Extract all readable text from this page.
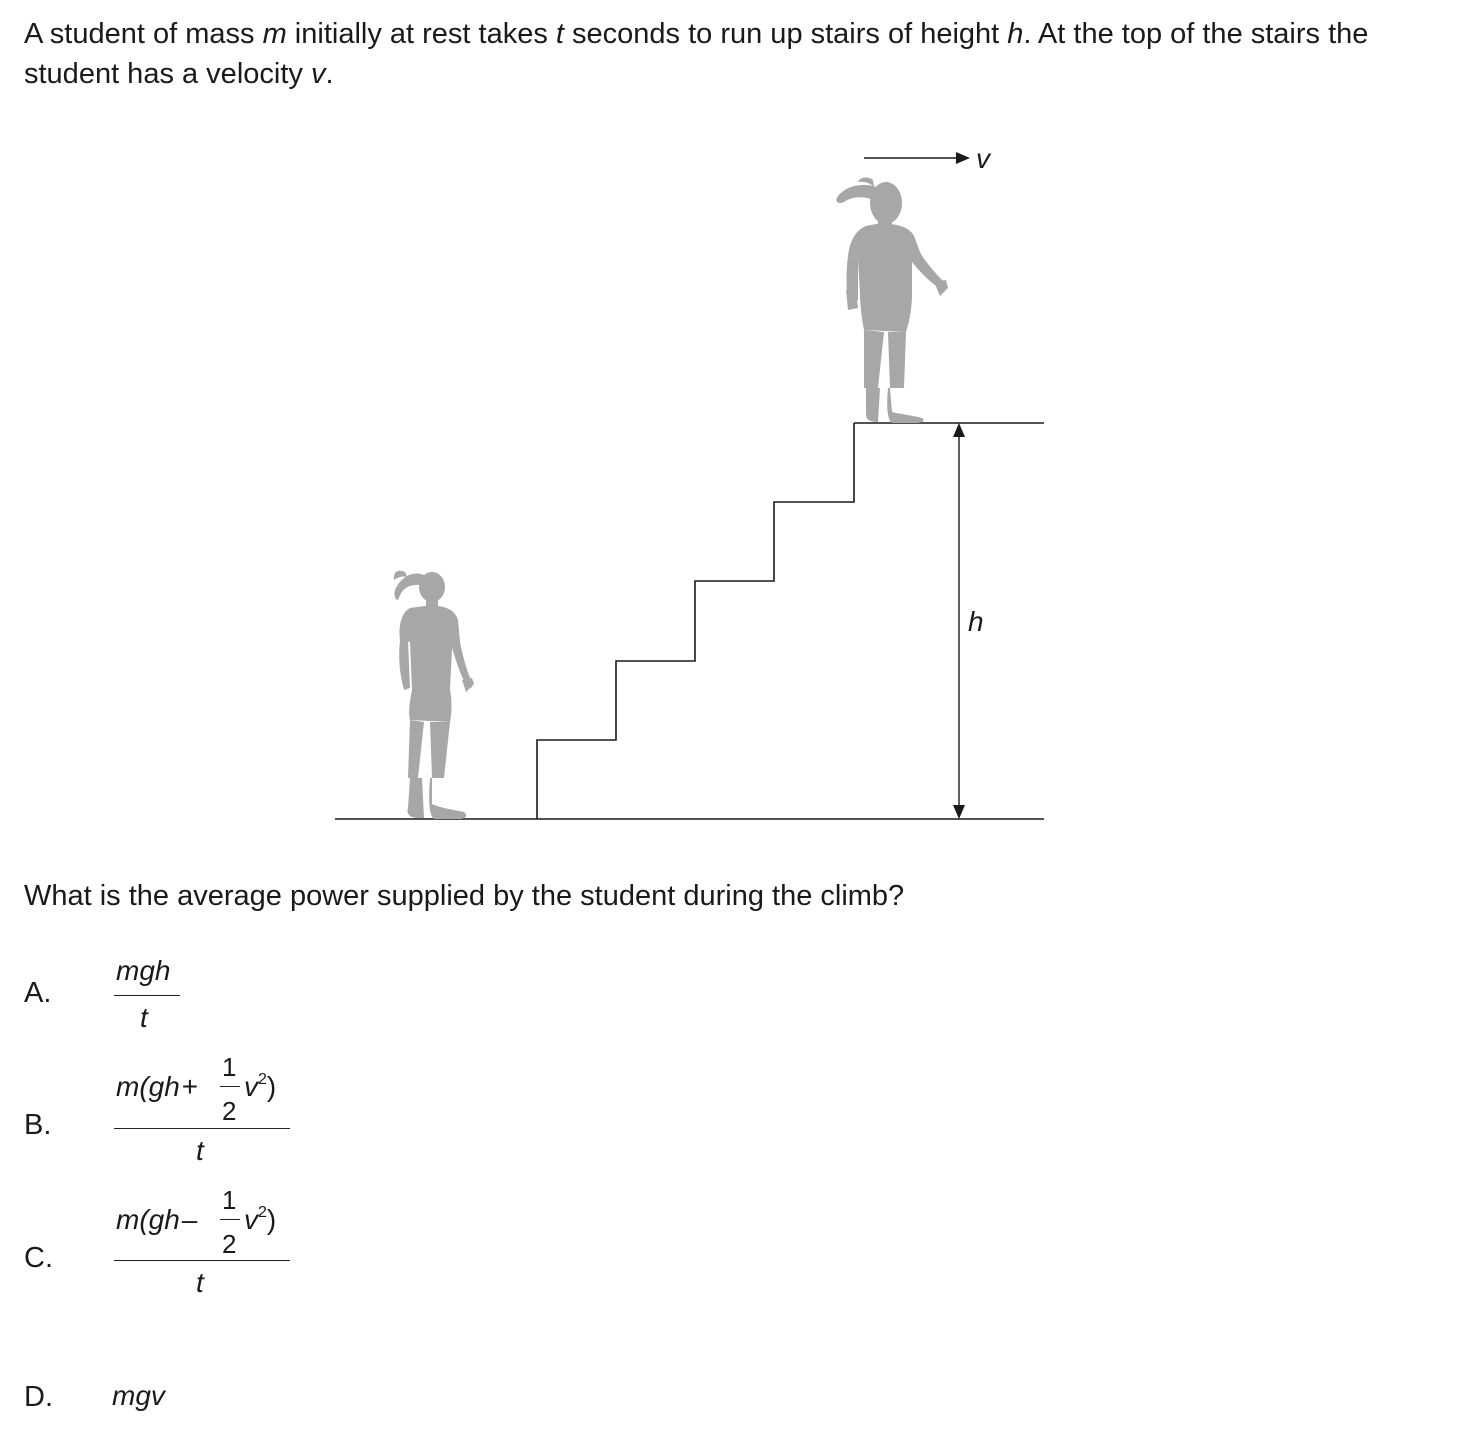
A student of mass m initially at rest takes t seconds to run up stairs of height h. At the top of the stairs the student has a velocity v.
h
v
What is the average power supplied by the student during the climb?
A.
mgh
t
B.
m(gh+
1
2
$v^2$)
t
C.
m(gh–
1
2
$v^2$)
t
D. mgv
